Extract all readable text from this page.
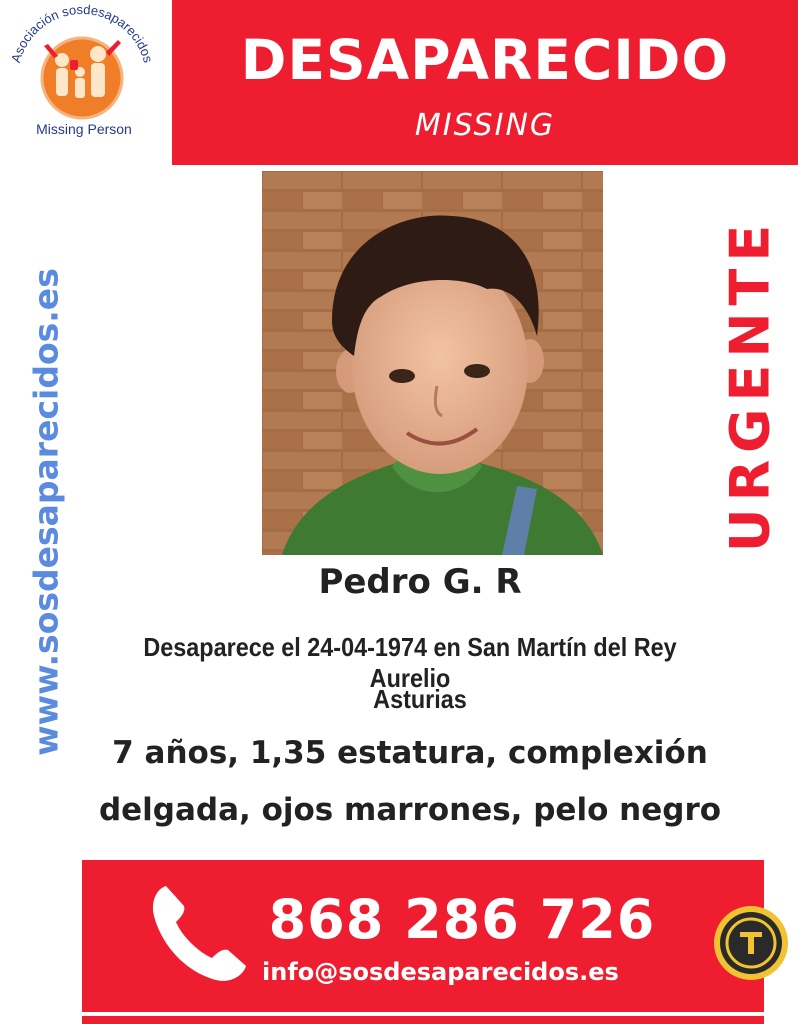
Asociación sosdesaparecidos
Missing Person
DESAPARECIDO
MISSING
www.sosdesaparecidos.es	URGENTE
Pedro G. R
Desaparece el 24-04-1974 en San Martín del Rey Aurelio
Asturias
7 años, 1,35 estatura, complexión
delgada, ojos marrones, pelo negro
868 286 726
info@sosdesaparecidos.es
